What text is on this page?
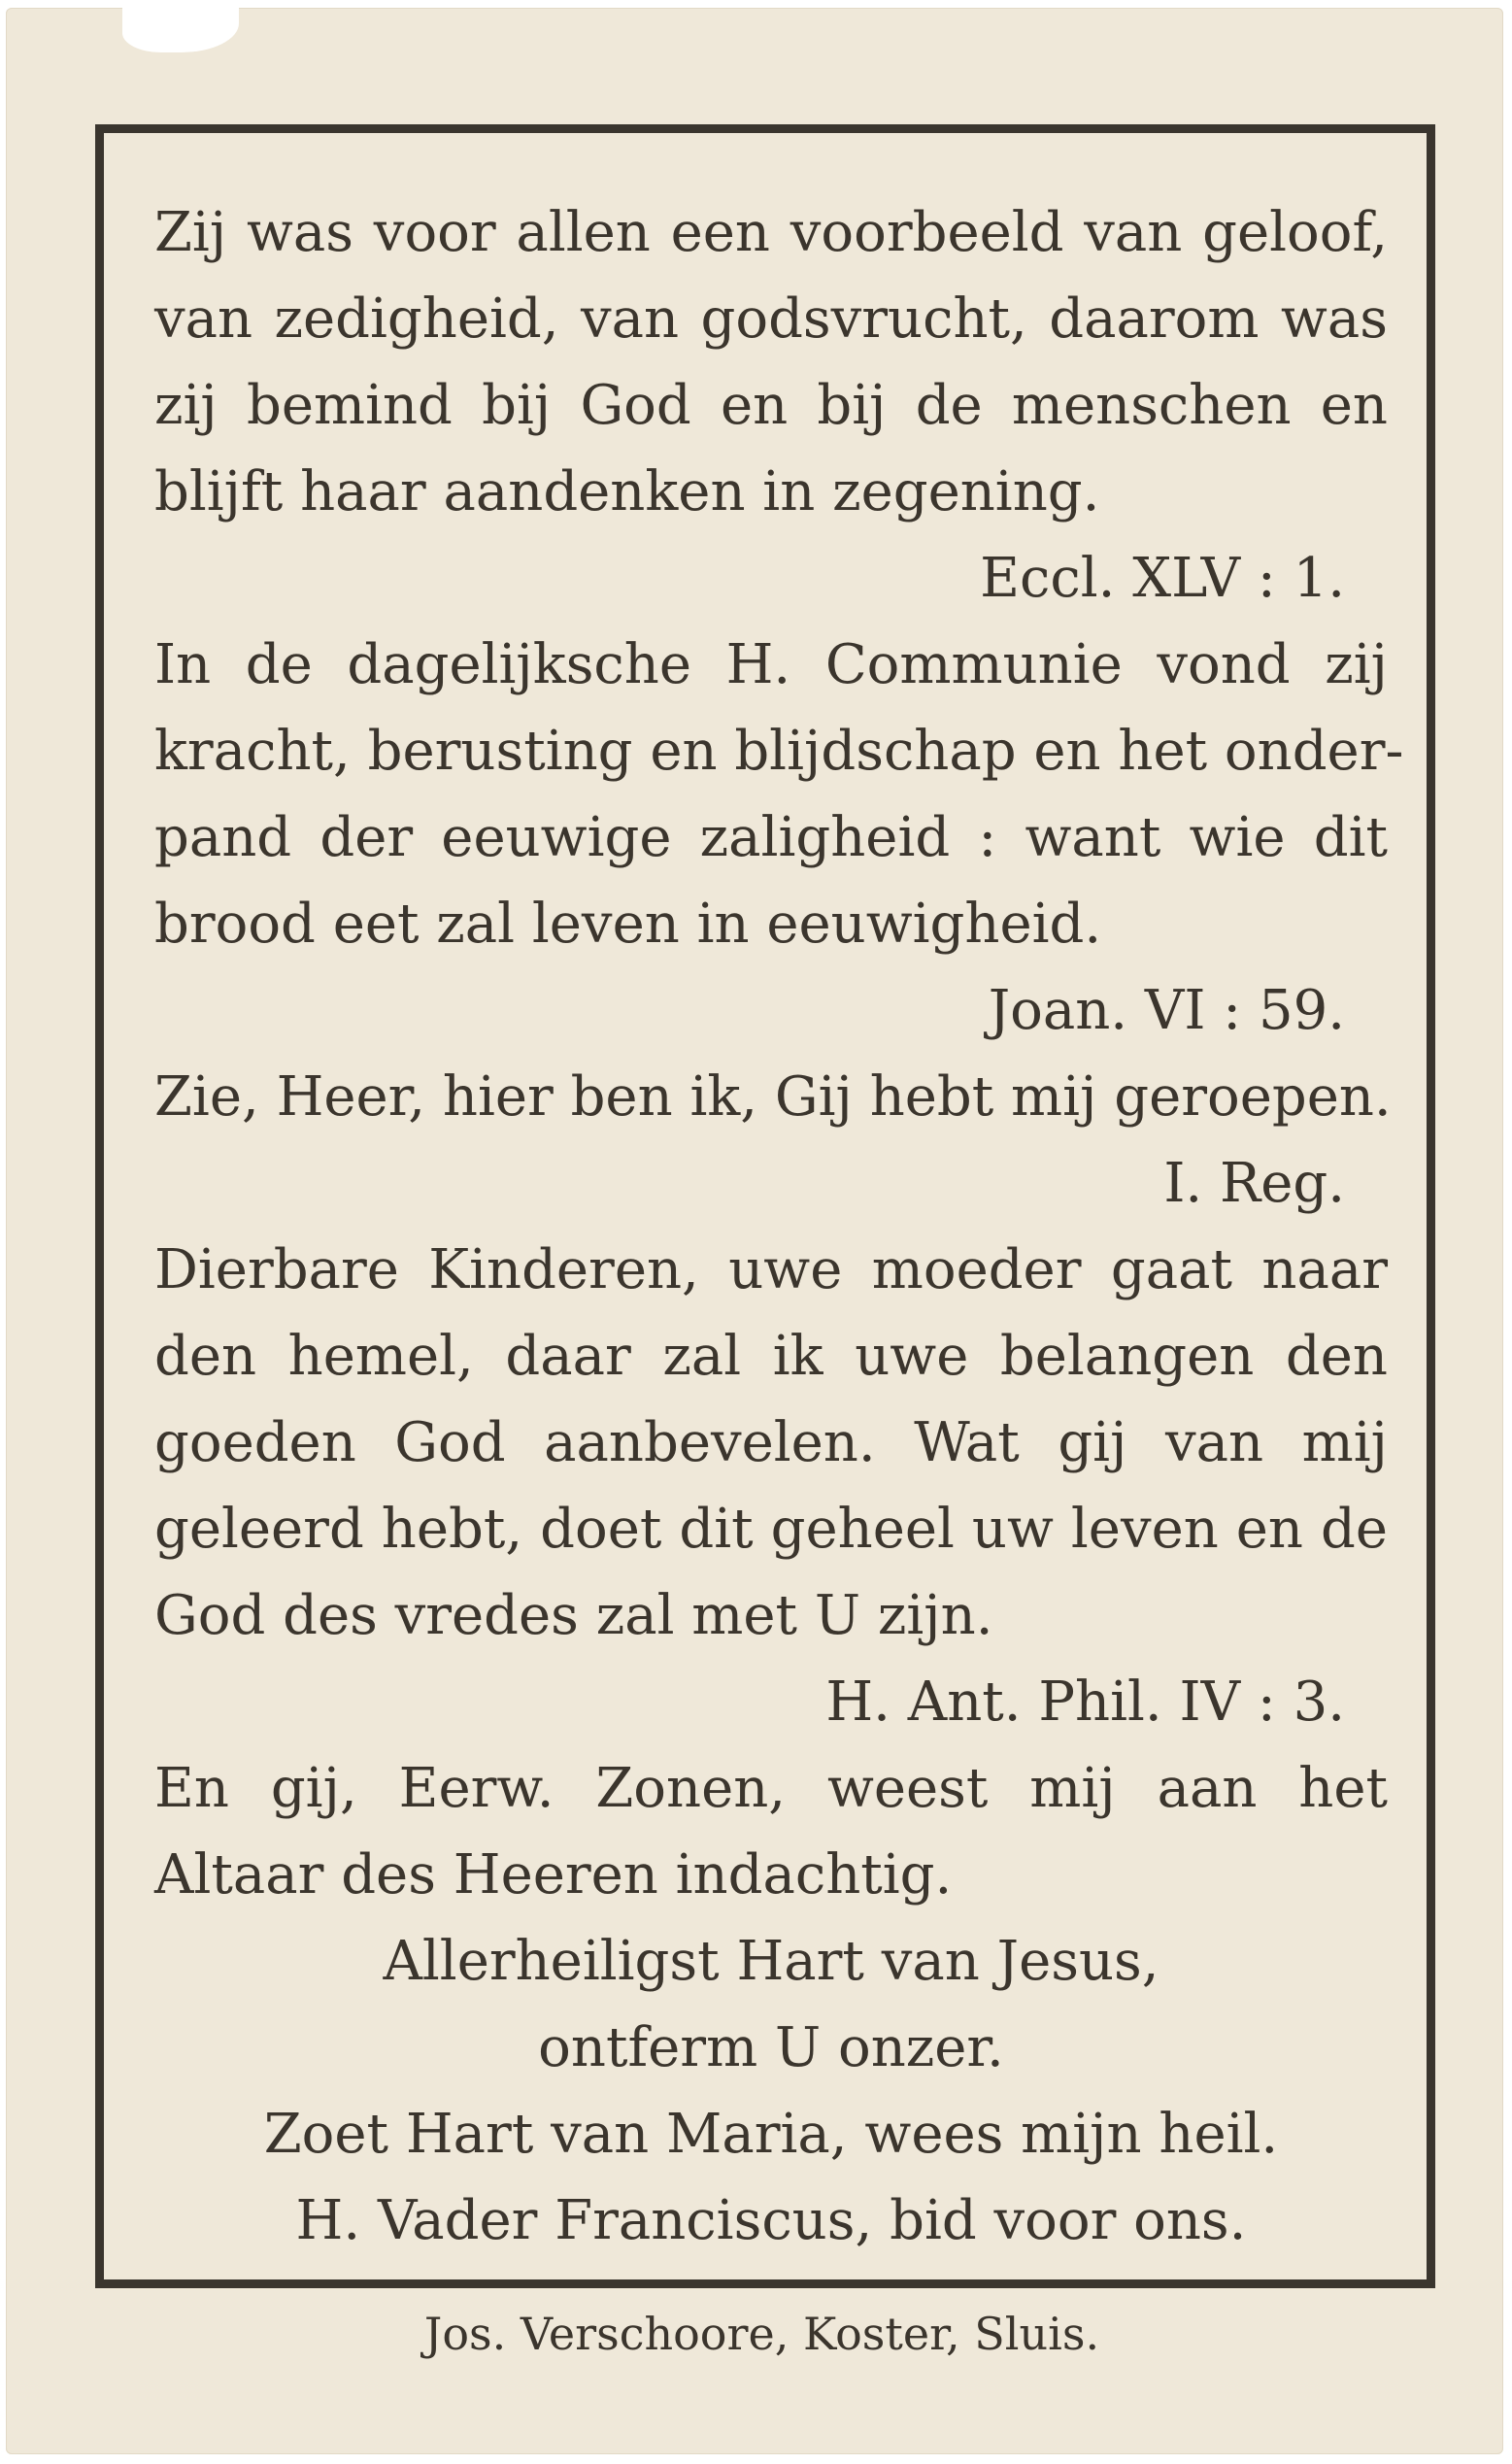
Zij was voor allen een voorbeeld van geloof,
van zedigheid, van godsvrucht, daarom was
zij bemind bij God en bij de menschen en
blijft haar aandenken in zegening.

Eccl. XLV : 1.

In de dagelijksche H. Communie vond zij
kracht, berusting en blijdschap en het onder-
pand der eeuwige zaligheid : want wie dit
brood eet zal leven in eeuwigheid.

Joan. VI : 59.

Zie, Heer, hier ben ik, Gij hebt mij geroepen.

I. Reg.

Dierbare Kinderen, uwe moeder gaat naar
den hemel, daar zal ik uwe belangen den
goeden God aanbevelen. Wat gij van mij
geleerd hebt, doet dit geheel uw leven en de
God des vredes zal met U zijn.

H. Ant. Phil. IV : 3.

En gij, Eerw. Zonen, weest mij aan het
Altaar des Heeren indachtig.

Allerheiligst Hart van Jesus,
ontferm U onzer.
Zoet Hart van Maria, wees mijn heil.
H. Vader Franciscus, bid voor ons.

Jos. Verschoore, Koster, Sluis.
